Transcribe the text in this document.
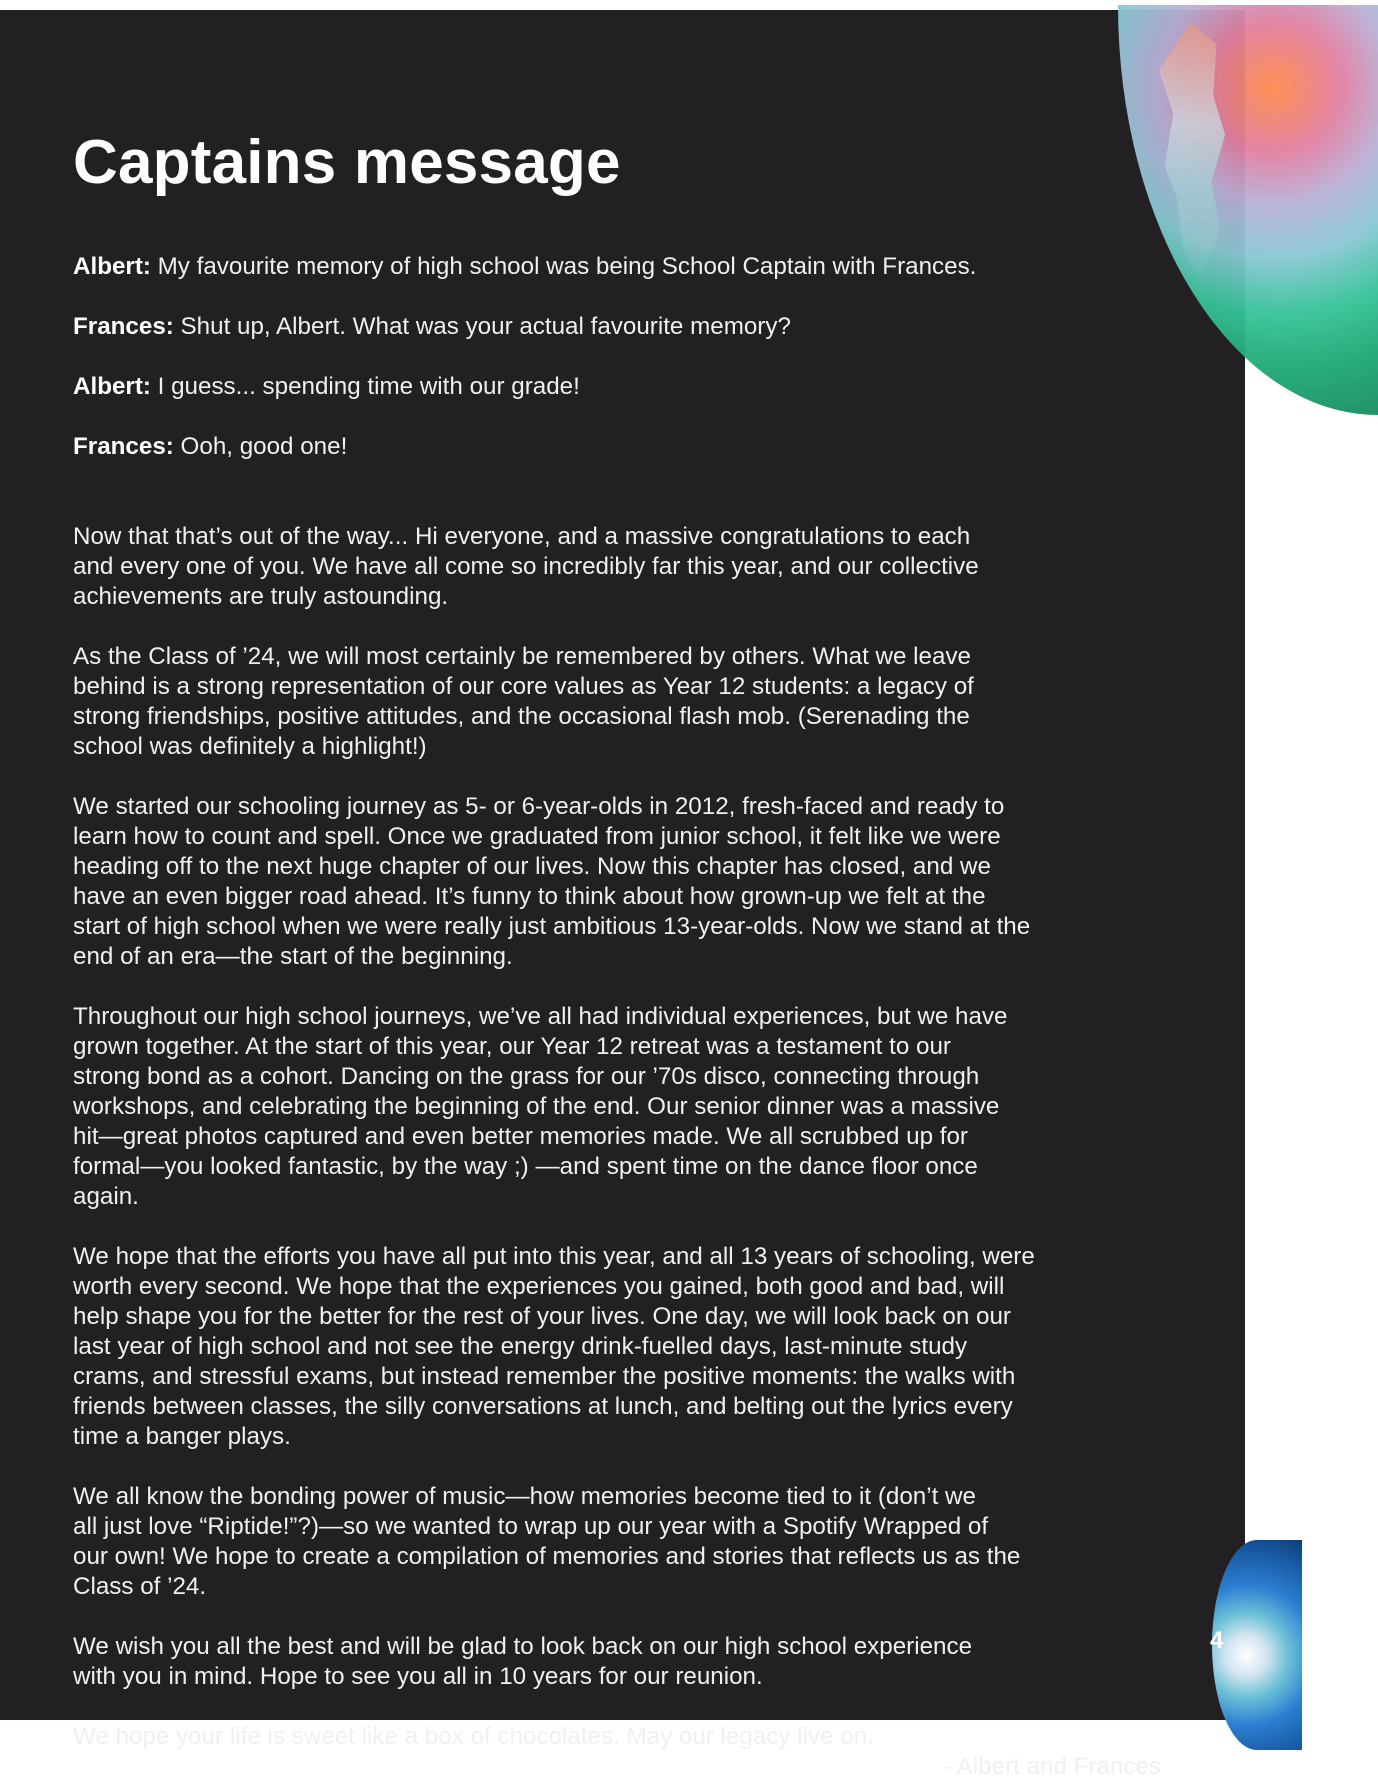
Captains message

Albert: My favourite memory of high school was being School Captain with Frances.

Frances: Shut up, Albert. What was your actual favourite memory?

Albert: I guess... spending time with our grade!

Frances: Ooh, good one!

Now that that’s out of the way... Hi everyone, and a massive congratulations to each
and every one of you. We have all come so incredibly far this year, and our collective
achievements are truly astounding.

As the Class of ’24, we will most certainly be remembered by others. What we leave
behind is a strong representation of our core values as Year 12 students: a legacy of
strong friendships, positive attitudes, and the occasional flash mob. (Serenading the
school was definitely a highlight!)

We started our schooling journey as 5- or 6-year-olds in 2012, fresh-faced and ready to
learn how to count and spell. Once we graduated from junior school, it felt like we were
heading off to the next huge chapter of our lives. Now this chapter has closed, and we
have an even bigger road ahead. It’s funny to think about how grown-up we felt at the
start of high school when we were really just ambitious 13-year-olds. Now we stand at the
end of an era—the start of the beginning.

Throughout our high school journeys, we’ve all had individual experiences, but we have
grown together. At the start of this year, our Year 12 retreat was a testament to our
strong bond as a cohort. Dancing on the grass for our ’70s disco, connecting through
workshops, and celebrating the beginning of the end. Our senior dinner was a massive
hit—great photos captured and even better memories made. We all scrubbed up for
formal—you looked fantastic, by the way ;) —and spent time on the dance floor once
again.

We hope that the efforts you have all put into this year, and all 13 years of schooling, were
worth every second. We hope that the experiences you gained, both good and bad, will
help shape you for the better for the rest of your lives. One day, we will look back on our
last year of high school and not see the energy drink-fuelled days, last-minute study
crams, and stressful exams, but instead remember the positive moments: the walks with
friends between classes, the silly conversations at lunch, and belting out the lyrics every
time a banger plays.

We all know the bonding power of music—how memories become tied to it (don’t we
all just love “Riptide!”?)—so we wanted to wrap up our year with a Spotify Wrapped of
our own! We hope to create a compilation of memories and stories that reflects us as the
Class of ’24.

We wish you all the best and will be glad to look back on our high school experience
with you in mind. Hope to see you all in 10 years for our reunion.

We hope your life is sweet like a box of chocolates. May our legacy live on.

- Albert and Frances

4
